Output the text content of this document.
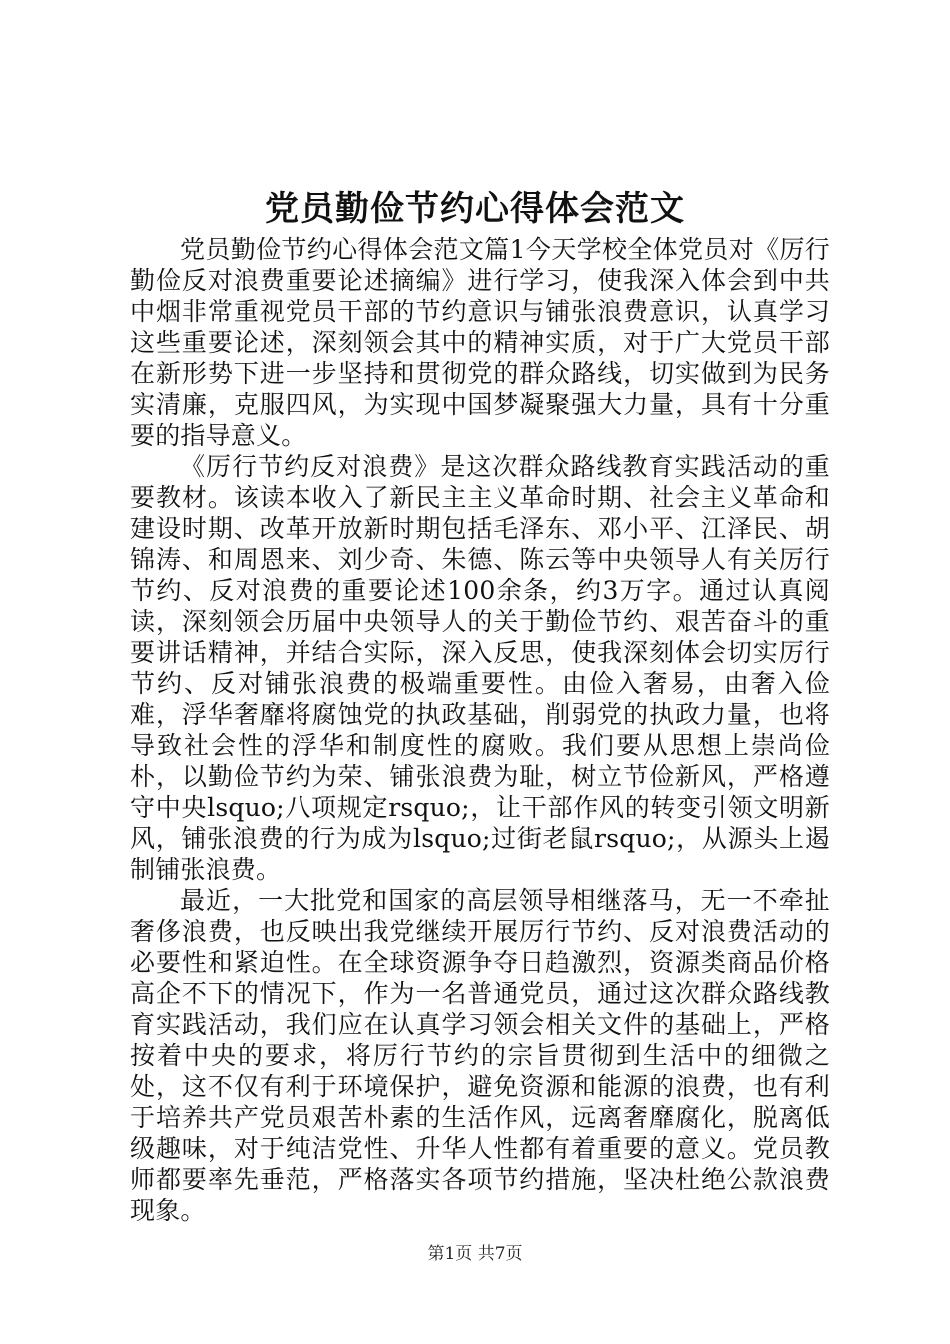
党员勤俭节约心得体会范文

党员勤俭节约心得体会范文篇1今天学校全体党员对《厉行勤俭反对浪费重要论述摘编》进行学习，使我深入体会到中共中烟非常重视党员干部的节约意识与铺张浪费意识，认真学习这些重要论述，深刻领会其中的精神实质，对于广大党员干部在新形势下进一步坚持和贯彻党的群众路线，切实做到为民务实清廉，克服四风，为实现中国梦凝聚强大力量，具有十分重要的指导意义。

《厉行节约反对浪费》是这次群众路线教育实践活动的重要教材。该读本收入了新民主主义革命时期、社会主义革命和建设时期、改革开放新时期包括毛泽东、邓小平、江泽民、胡锦涛、和周恩来、刘少奇、朱德、陈云等中央领导人有关厉行节约、反对浪费的重要论述100余条，约3万字。通过认真阅读，深刻领会历届中央领导人的关于勤俭节约、艰苦奋斗的重要讲话精神，并结合实际，深入反思，使我深刻体会切实厉行节约、反对铺张浪费的极端重要性。由俭入奢易，由奢入俭难，浮华奢靡将腐蚀党的执政基础，削弱党的执政力量，也将导致社会性的浮华和制度性的腐败。我们要从思想上崇尚俭朴，以勤俭节约为荣、铺张浪费为耻，树立节俭新风，严格遵守中央lsquo;八项规定rsquo;，让干部作风的转变引领文明新风，铺张浪费的行为成为lsquo;过街老鼠rsquo;，从源头上遏制铺张浪费。

最近，一大批党和国家的高层领导相继落马，无一不牵扯奢侈浪费，也反映出我党继续开展厉行节约、反对浪费活动的必要性和紧迫性。在全球资源争夺日趋激烈，资源类商品价格高企不下的情况下，作为一名普通党员，通过这次群众路线教育实践活动，我们应在认真学习领会相关文件的基础上，严格按着中央的要求，将厉行节约的宗旨贯彻到生活中的细微之处，这不仅有利于环境保护，避免资源和能源的浪费，也有利于培养共产党员艰苦朴素的生活作风，远离奢靡腐化，脱离低级趣味，对于纯洁党性、升华人性都有着重要的意义。党员教师都要率先垂范，严格落实各项节约措施，坚决杜绝公款浪费现象。

第1页 共7页
